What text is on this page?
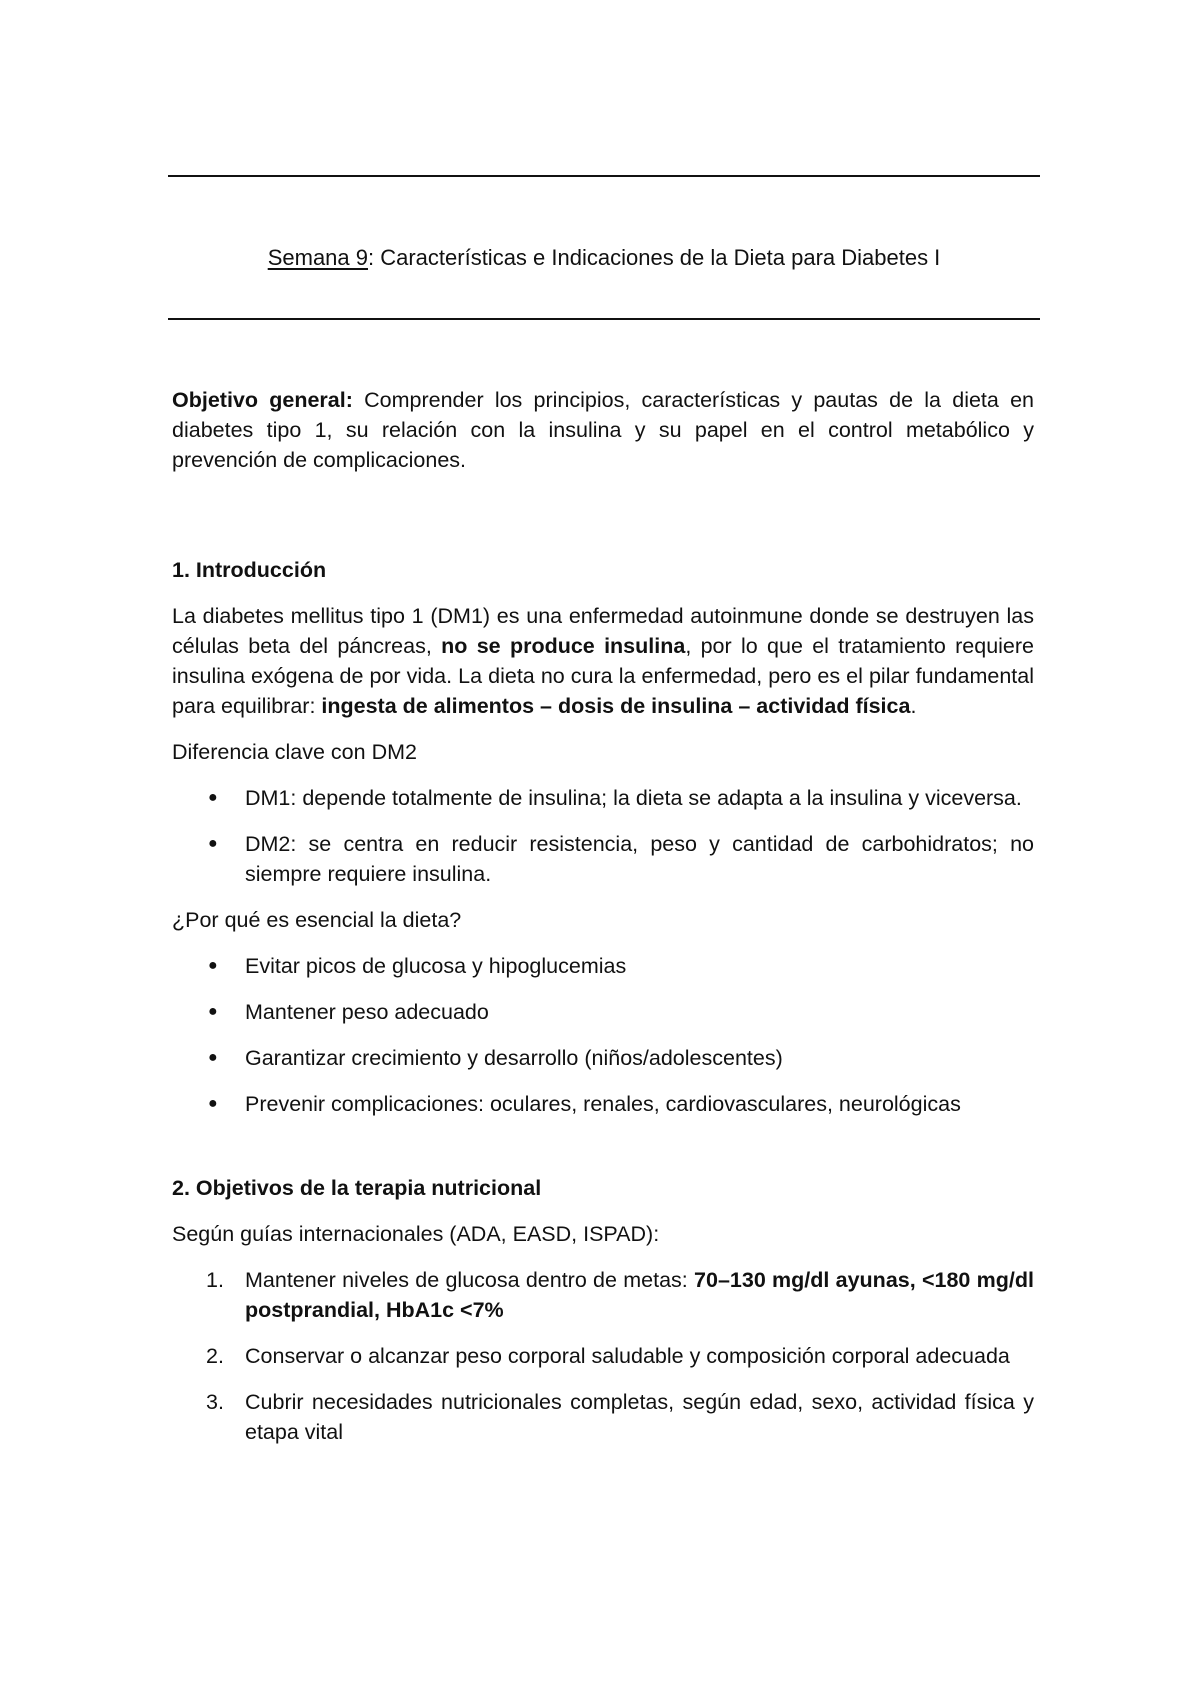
Semana 9: Características e Indicaciones de la Dieta para Diabetes I

Objetivo general: Comprender los principios, características y pautas de la dieta en diabetes tipo 1, su relación con la insulina y su papel en el control metabólico y prevención de complicaciones.

1. Introducción

La diabetes mellitus tipo 1 (DM1) es una enfermedad autoinmune donde se destruyen las células beta del páncreas, no se produce insulina, por lo que el tratamiento requiere insulina exógena de por vida. La dieta no cura la enfermedad, pero es el pilar fundamental para equilibrar: ingesta de alimentos – dosis de insulina – actividad física.

Diferencia clave con DM2

● DM1: depende totalmente de insulina; la dieta se adapta a la insulina y viceversa.
● DM2: se centra en reducir resistencia, peso y cantidad de carbohidratos; no siempre requiere insulina.

¿Por qué es esencial la dieta?

● Evitar picos de glucosa y hipoglucemias
● Mantener peso adecuado
● Garantizar crecimiento y desarrollo (niños/adolescentes)
● Prevenir complicaciones: oculares, renales, cardiovasculares, neurológicas
2. Objetivos de la terapia nutricional

Según guías internacionales (ADA, EASD, ISPAD):

1. Mantener niveles de glucosa dentro de metas: 70–130 mg/dl ayunas, <180 mg/dl postprandial, HbA1c <7%
2. Conservar o alcanzar peso corporal saludable y composición corporal adecuada
3. Cubrir necesidades nutricionales completas, según edad, sexo, actividad física y etapa vital
